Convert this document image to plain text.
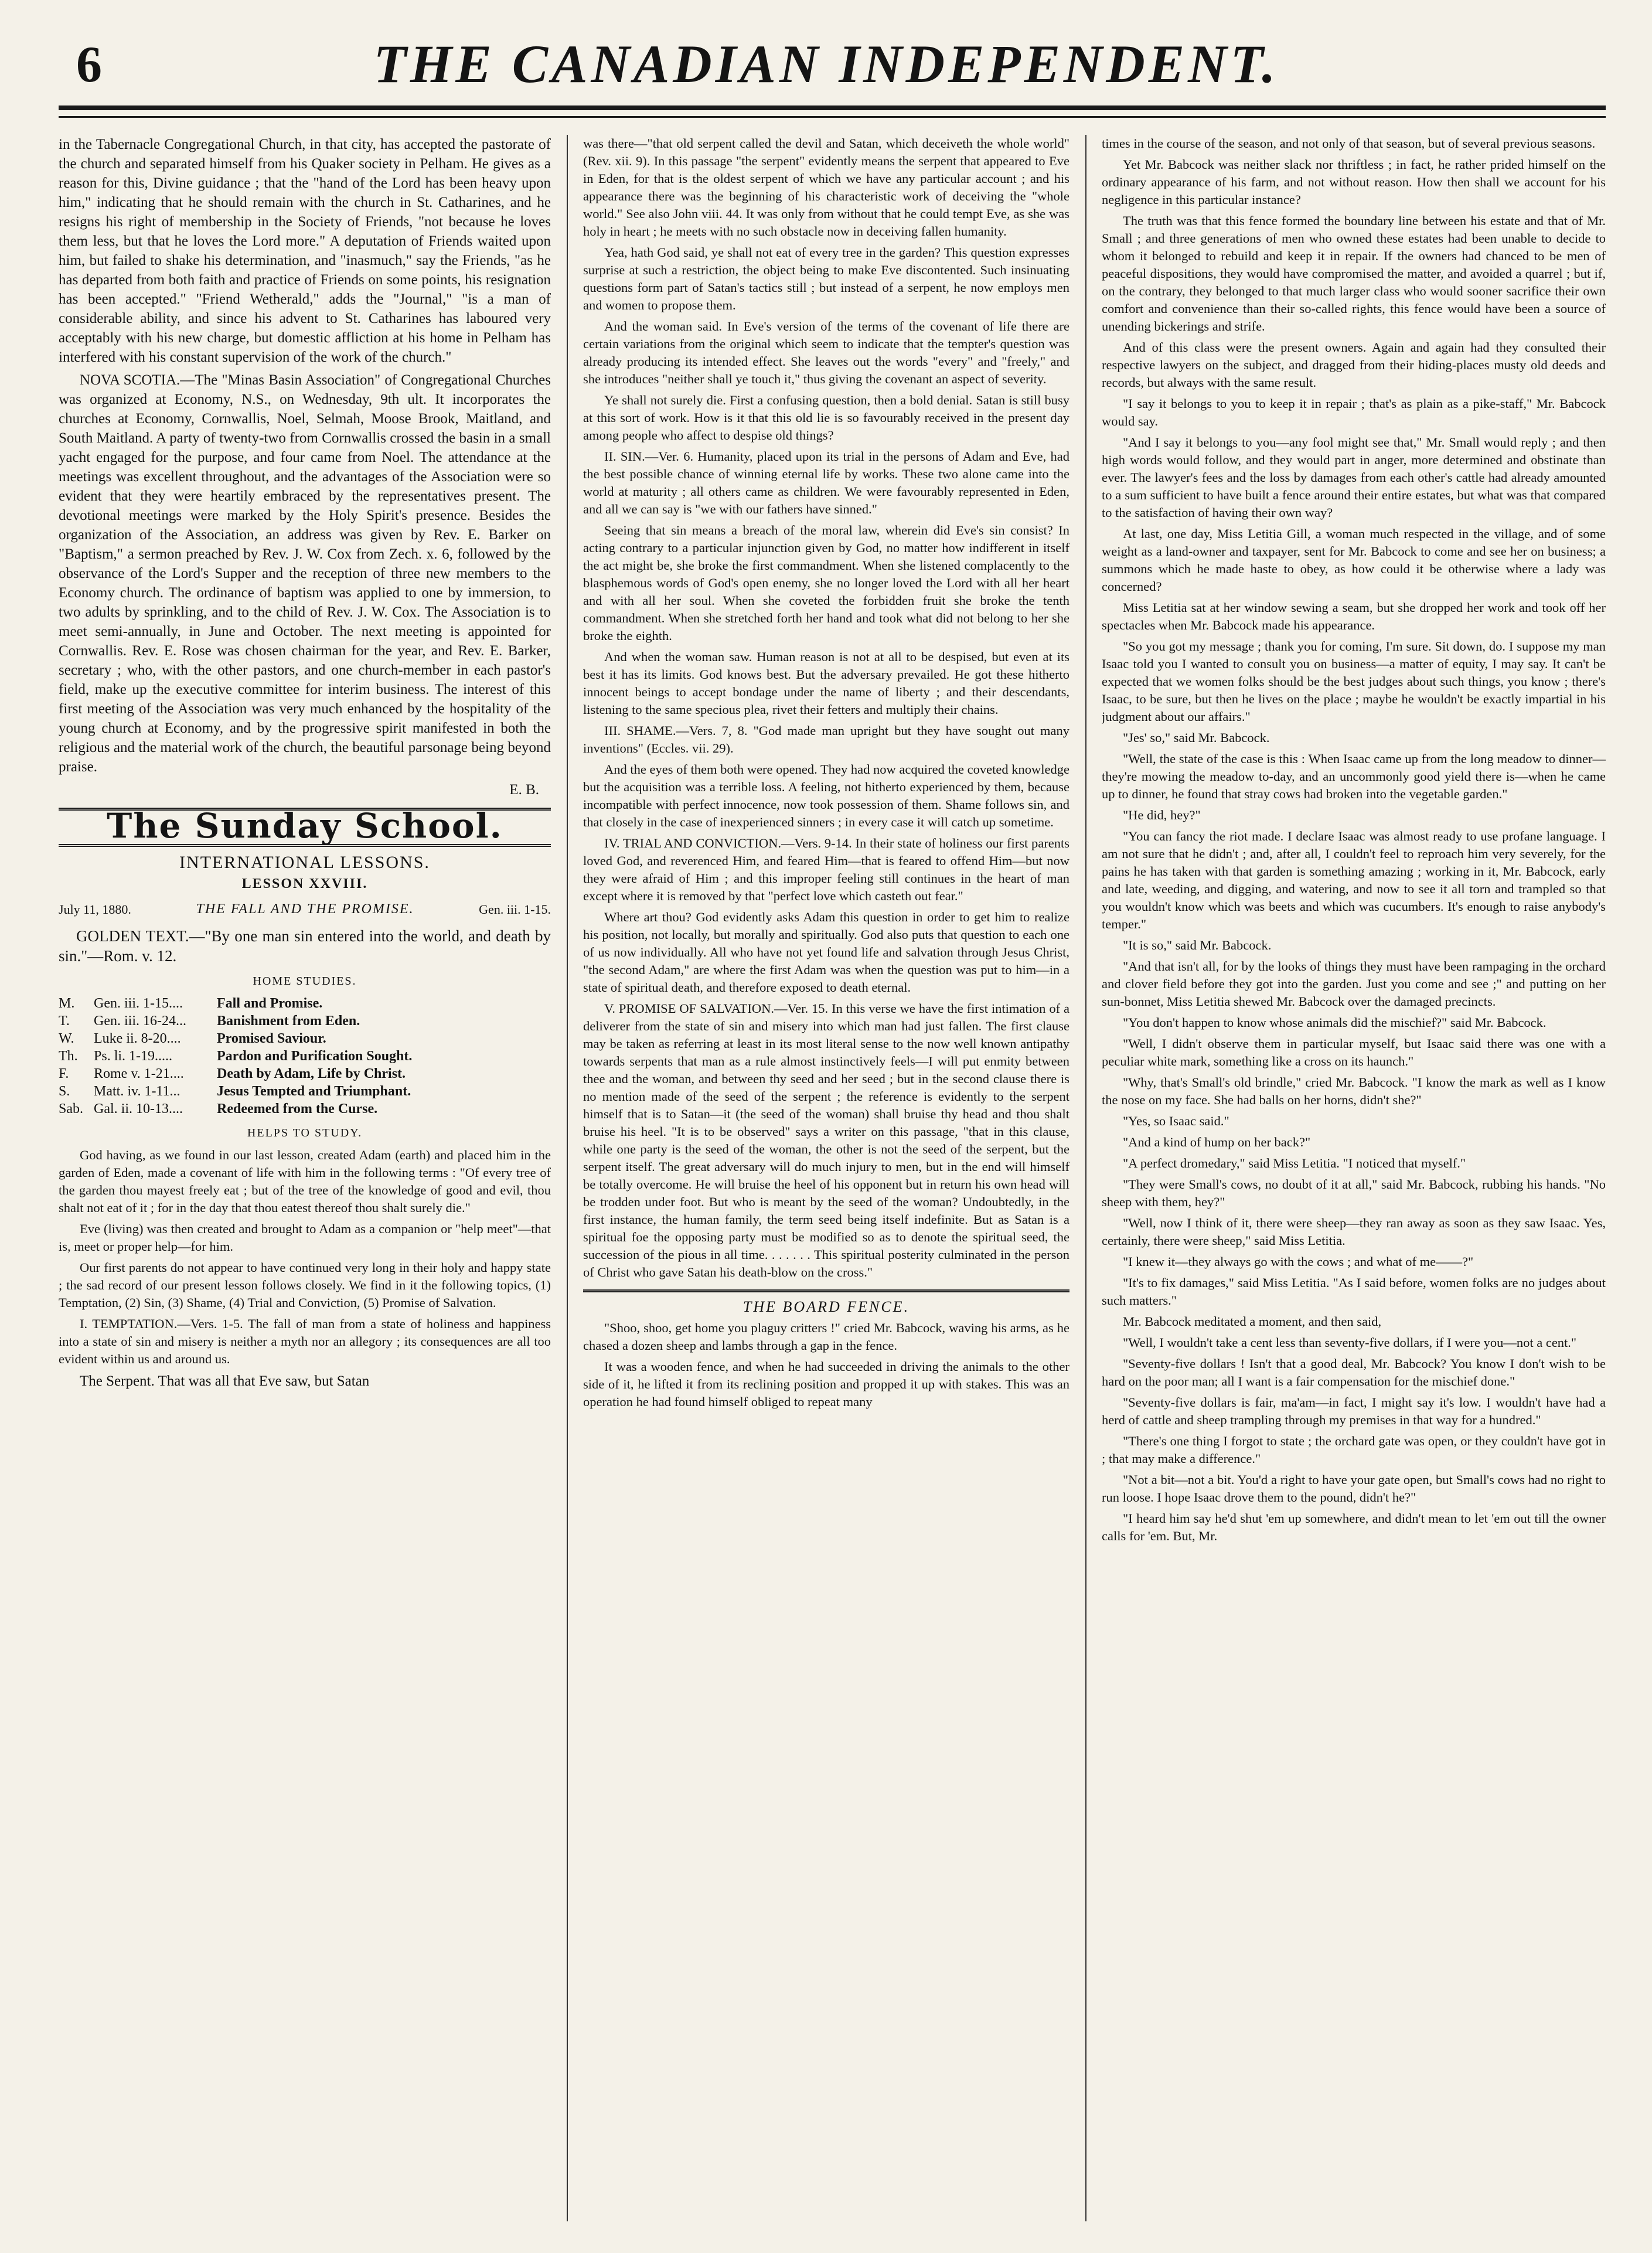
6	THE CANADIAN INDEPENDENT.

in the Tabernacle Congregational Church, in that city, has accepted the pastorate of the church and separated himself from his Quaker society in Pelham. He gives as a reason for this, Divine guidance ; that the "hand of the Lord has been heavy upon him," indicating that he should remain with the church in St. Catharines, and he resigns his right of membership in the Society of Friends, "not because he loves them less, but that he loves the Lord more." A deputation of Friends waited upon him, but failed to shake his determination, and "inasmuch," say the Friends, "as he has departed from both faith and practice of Friends on some points, his resignation has been accepted." "Friend Wetherald," adds the "Journal," "is a man of considerable ability, and since his advent to St. Catharines has laboured very acceptably with his new charge, but domestic affliction at his home in Pelham has interfered with his constant supervision of the work of the church."

NOVA SCOTIA.—The "Minas Basin Association" of Congregational Churches was organized at Economy, N.S., on Wednesday, 9th ult. It incorporates the churches at Economy, Cornwallis, Noel, Selmah, Moose Brook, Maitland, and South Maitland. A party of twenty-two from Cornwallis crossed the basin in a small yacht engaged for the purpose, and four came from Noel. The attendance at the meetings was excellent throughout, and the advantages of the Association were so evident that they were heartily embraced by the representatives present. The devotional meetings were marked by the Holy Spirit's presence. Besides the organization of the Association, an address was given by Rev. E. Barker on "Baptism," a sermon preached by Rev. J. W. Cox from Zech. x. 6, followed by the observance of the Lord's Supper and the reception of three new members to the Economy church. The ordinance of baptism was applied to one by immersion, to two adults by sprinkling, and to the child of Rev. J. W. Cox. The Association is to meet semi-annually, in June and October. The next meeting is appointed for Cornwallis. Rev. E. Rose was chosen chairman for the year, and Rev. E. Barker, secretary ; who, with the other pastors, and one church-member in each pastor's field, make up the executive committee for interim business. The interest of this first meeting of the Association was very much enhanced by the hospitality of the young church at Economy, and by the progressive spirit manifested in both the religious and the material work of the church, the beautiful parsonage being beyond praise.

E. B.

The Sunday School.
INTERNATIONAL LESSONS.
LESSON XXVIII.
July 11, 1880.	THE FALL AND THE PROMISE.	Gen. iii. 1-15.

GOLDEN TEXT.—"By one man sin entered into the world, and death by sin."—Rom. v. 12.

HOME STUDIES.
M.	Gen. iii. 1-15....	Fall and Promise.
T.	Gen. iii. 16-24...	Banishment from Eden.
W.	Luke ii. 8-20....	Promised Saviour.
Th.	Ps. li. 1-19.....	Pardon and Purification Sought.
F.	Rome v. 1-21....	Death by Adam, Life by Christ.
S.	Matt. iv. 1-11...	Jesus Tempted and Triumphant.
Sab.	Gal. ii. 10-13....	Redeemed from the Curse.
HELPS TO STUDY.

God having, as we found in our last lesson, created Adam (earth) and placed him in the garden of Eden, made a covenant of life with him in the following terms : "Of every tree of the garden thou mayest freely eat ; but of the tree of the knowledge of good and evil, thou shalt not eat of it ; for in the day that thou eatest thereof thou shalt surely die."

Eve (living) was then created and brought to Adam as a companion or "help meet"—that is, meet or proper help—for him.

Our first parents do not appear to have continued very long in their holy and happy state ; the sad record of our present lesson follows closely. We find in it the following topics, (1) Temptation, (2) Sin, (3) Shame, (4) Trial and Conviction, (5) Promise of Salvation.

I. TEMPTATION.—Vers. 1-5. The fall of man from a state of holiness and happiness into a state of sin and misery is neither a myth nor an allegory ; its consequences are all too evident within us and around us.

The Serpent. That was all that Eve saw, but Satan

was there—"that old serpent called the devil and Satan, which deceiveth the whole world" (Rev. xii. 9). In this passage "the serpent" evidently means the serpent that appeared to Eve in Eden, for that is the oldest serpent of which we have any particular account ; and his appearance there was the beginning of his characteristic work of deceiving the "whole world." See also John viii. 44. It was only from without that he could tempt Eve, as she was holy in heart ; he meets with no such obstacle now in deceiving fallen humanity.

Yea, hath God said, ye shall not eat of every tree in the garden? This question expresses surprise at such a restriction, the object being to make Eve discontented. Such insinuating questions form part of Satan's tactics still ; but instead of a serpent, he now employs men and women to propose them.

And the woman said. In Eve's version of the terms of the covenant of life there are certain variations from the original which seem to indicate that the tempter's question was already producing its intended effect. She leaves out the words "every" and "freely," and she introduces "neither shall ye touch it," thus giving the covenant an aspect of severity.

Ye shall not surely die. First a confusing question, then a bold denial. Satan is still busy at this sort of work. How is it that this old lie is so favourably received in the present day among people who affect to despise old things?

II. SIN.—Ver. 6. Humanity, placed upon its trial in the persons of Adam and Eve, had the best possible chance of winning eternal life by works. These two alone came into the world at maturity ; all others came as children. We were favourably represented in Eden, and all we can say is "we with our fathers have sinned."

Seeing that sin means a breach of the moral law, wherein did Eve's sin consist? In acting contrary to a particular injunction given by God, no matter how indifferent in itself the act might be, she broke the first commandment. When she listened complacently to the blasphemous words of God's open enemy, she no longer loved the Lord with all her heart and with all her soul. When she coveted the forbidden fruit she broke the tenth commandment. When she stretched forth her hand and took what did not belong to her she broke the eighth.

And when the woman saw. Human reason is not at all to be despised, but even at its best it has its limits. God knows best. But the adversary prevailed. He got these hitherto innocent beings to accept bondage under the name of liberty ; and their descendants, listening to the same specious plea, rivet their fetters and multiply their chains.

III. SHAME.—Vers. 7, 8. "God made man upright but they have sought out many inventions" (Eccles. vii. 29).

And the eyes of them both were opened. They had now acquired the coveted knowledge but the acquisition was a terrible loss. A feeling, not hitherto experienced by them, because incompatible with perfect innocence, now took possession of them. Shame follows sin, and that closely in the case of inexperienced sinners ; in every case it will catch up sometime.

IV. TRIAL AND CONVICTION.—Vers. 9-14. In their state of holiness our first parents loved God, and reverenced Him, and feared Him—that is feared to offend Him—but now they were afraid of Him ; and this improper feeling still continues in the heart of man except where it is removed by that "perfect love which casteth out fear."

Where art thou? God evidently asks Adam this question in order to get him to realize his position, not locally, but morally and spiritually. God also puts that question to each one of us now individually. All who have not yet found life and salvation through Jesus Christ, "the second Adam," are where the first Adam was when the question was put to him—in a state of spiritual death, and therefore exposed to death eternal.

V. PROMISE OF SALVATION.—Ver. 15. In this verse we have the first intimation of a deliverer from the state of sin and misery into which man had just fallen. The first clause may be taken as referring at least in its most literal sense to the now well known antipathy towards serpents that man as a rule almost instinctively feels—I will put enmity between thee and the woman, and between thy seed and her seed ; but in the second clause there is no mention made of the seed of the serpent ; the reference is evidently to the serpent himself that is to Satan—it (the seed of the woman) shall bruise thy head and thou shalt bruise his heel. "It is to be observed" says a writer on this passage, "that in this clause, while one party is the seed of the woman, the other is not the seed of the serpent, but the serpent itself. The great adversary will do much injury to men, but in the end will himself be totally overcome. He will bruise the heel of his opponent but in return his own head will be trodden under foot. But who is meant by the seed of the woman? Undoubtedly, in the first instance, the human family, the term seed being itself indefinite. But as Satan is a spiritual foe the opposing party must be modified so as to denote the spiritual seed, the succession of the pious in all time. . . . . . . This spiritual posterity culminated in the person of Christ who gave Satan his death-blow on the cross."

THE BOARD FENCE.

"Shoo, shoo, get home you plaguy critters !" cried Mr. Babcock, waving his arms, as he chased a dozen sheep and lambs through a gap in the fence.

It was a wooden fence, and when he had succeeded in driving the animals to the other side of it, he lifted it from its reclining position and propped it up with stakes. This was an operation he had found himself obliged to repeat many

times in the course of the season, and not only of that season, but of several previous seasons.

Yet Mr. Babcock was neither slack nor thriftless ; in fact, he rather prided himself on the ordinary appearance of his farm, and not without reason. How then shall we account for his negligence in this particular instance?

The truth was that this fence formed the boundary line between his estate and that of Mr. Small ; and three generations of men who owned these estates had been unable to decide to whom it belonged to rebuild and keep it in repair. If the owners had chanced to be men of peaceful dispositions, they would have compromised the matter, and avoided a quarrel ; but if, on the contrary, they belonged to that much larger class who would sooner sacrifice their own comfort and convenience than their so-called rights, this fence would have been a source of unending bickerings and strife.

And of this class were the present owners. Again and again had they consulted their respective lawyers on the subject, and dragged from their hiding-places musty old deeds and records, but always with the same result.

"I say it belongs to you to keep it in repair ; that's as plain as a pike-staff," Mr. Babcock would say.

"And I say it belongs to you—any fool might see that," Mr. Small would reply ; and then high words would follow, and they would part in anger, more determined and obstinate than ever. The lawyer's fees and the loss by damages from each other's cattle had already amounted to a sum sufficient to have built a fence around their entire estates, but what was that compared to the satisfaction of having their own way?

At last, one day, Miss Letitia Gill, a woman much respected in the village, and of some weight as a land-owner and taxpayer, sent for Mr. Babcock to come and see her on business; a summons which he made haste to obey, as how could it be otherwise where a lady was concerned?

Miss Letitia sat at her window sewing a seam, but she dropped her work and took off her spectacles when Mr. Babcock made his appearance.

"So you got my message ; thank you for coming, I'm sure. Sit down, do. I suppose my man Isaac told you I wanted to consult you on business—a matter of equity, I may say. It can't be expected that we women folks should be the best judges about such things, you know ; there's Isaac, to be sure, but then he lives on the place ; maybe he wouldn't be exactly impartial in his judgment about our affairs."

"Jes' so," said Mr. Babcock.

"Well, the state of the case is this : When Isaac came up from the long meadow to dinner—they're mowing the meadow to-day, and an uncommonly good yield there is—when he came up to dinner, he found that stray cows had broken into the vegetable garden."

"He did, hey?"

"You can fancy the riot made. I declare Isaac was almost ready to use profane language. I am not sure that he didn't ; and, after all, I couldn't feel to reproach him very severely, for the pains he has taken with that garden is something amazing ; working in it, Mr. Babcock, early and late, weeding, and digging, and watering, and now to see it all torn and trampled so that you wouldn't know which was beets and which was cucumbers. It's enough to raise anybody's temper."

"It is so," said Mr. Babcock.

"And that isn't all, for by the looks of things they must have been rampaging in the orchard and clover field before they got into the garden. Just you come and see ;" and putting on her sun-bonnet, Miss Letitia shewed Mr. Babcock over the damaged precincts.

"You don't happen to know whose animals did the mischief?" said Mr. Babcock.

"Well, I didn't observe them in particular myself, but Isaac said there was one with a peculiar white mark, something like a cross on its haunch."

"Why, that's Small's old brindle," cried Mr. Babcock. "I know the mark as well as I know the nose on my face. She had balls on her horns, didn't she?"

"Yes, so Isaac said."

"And a kind of hump on her back?"

"A perfect dromedary," said Miss Letitia. "I noticed that myself."

"They were Small's cows, no doubt of it at all," said Mr. Babcock, rubbing his hands. "No sheep with them, hey?"

"Well, now I think of it, there were sheep—they ran away as soon as they saw Isaac. Yes, certainly, there were sheep," said Miss Letitia.

"I knew it—they always go with the cows ; and what of me——?"

"It's to fix damages," said Miss Letitia. "As I said before, women folks are no judges about such matters."

Mr. Babcock meditated a moment, and then said,

"Well, I wouldn't take a cent less than seventy-five dollars, if I were you—not a cent."

"Seventy-five dollars ! Isn't that a good deal, Mr. Babcock? You know I don't wish to be hard on the poor man; all I want is a fair compensation for the mischief done."

"Seventy-five dollars is fair, ma'am—in fact, I might say it's low. I wouldn't have had a herd of cattle and sheep trampling through my premises in that way for a hundred."

"There's one thing I forgot to state ; the orchard gate was open, or they couldn't have got in ; that may make a difference."

"Not a bit—not a bit. You'd a right to have your gate open, but Small's cows had no right to run loose. I hope Isaac drove them to the pound, didn't he?"

"I heard him say he'd shut 'em up somewhere, and didn't mean to let 'em out till the owner calls for 'em. But, Mr.
